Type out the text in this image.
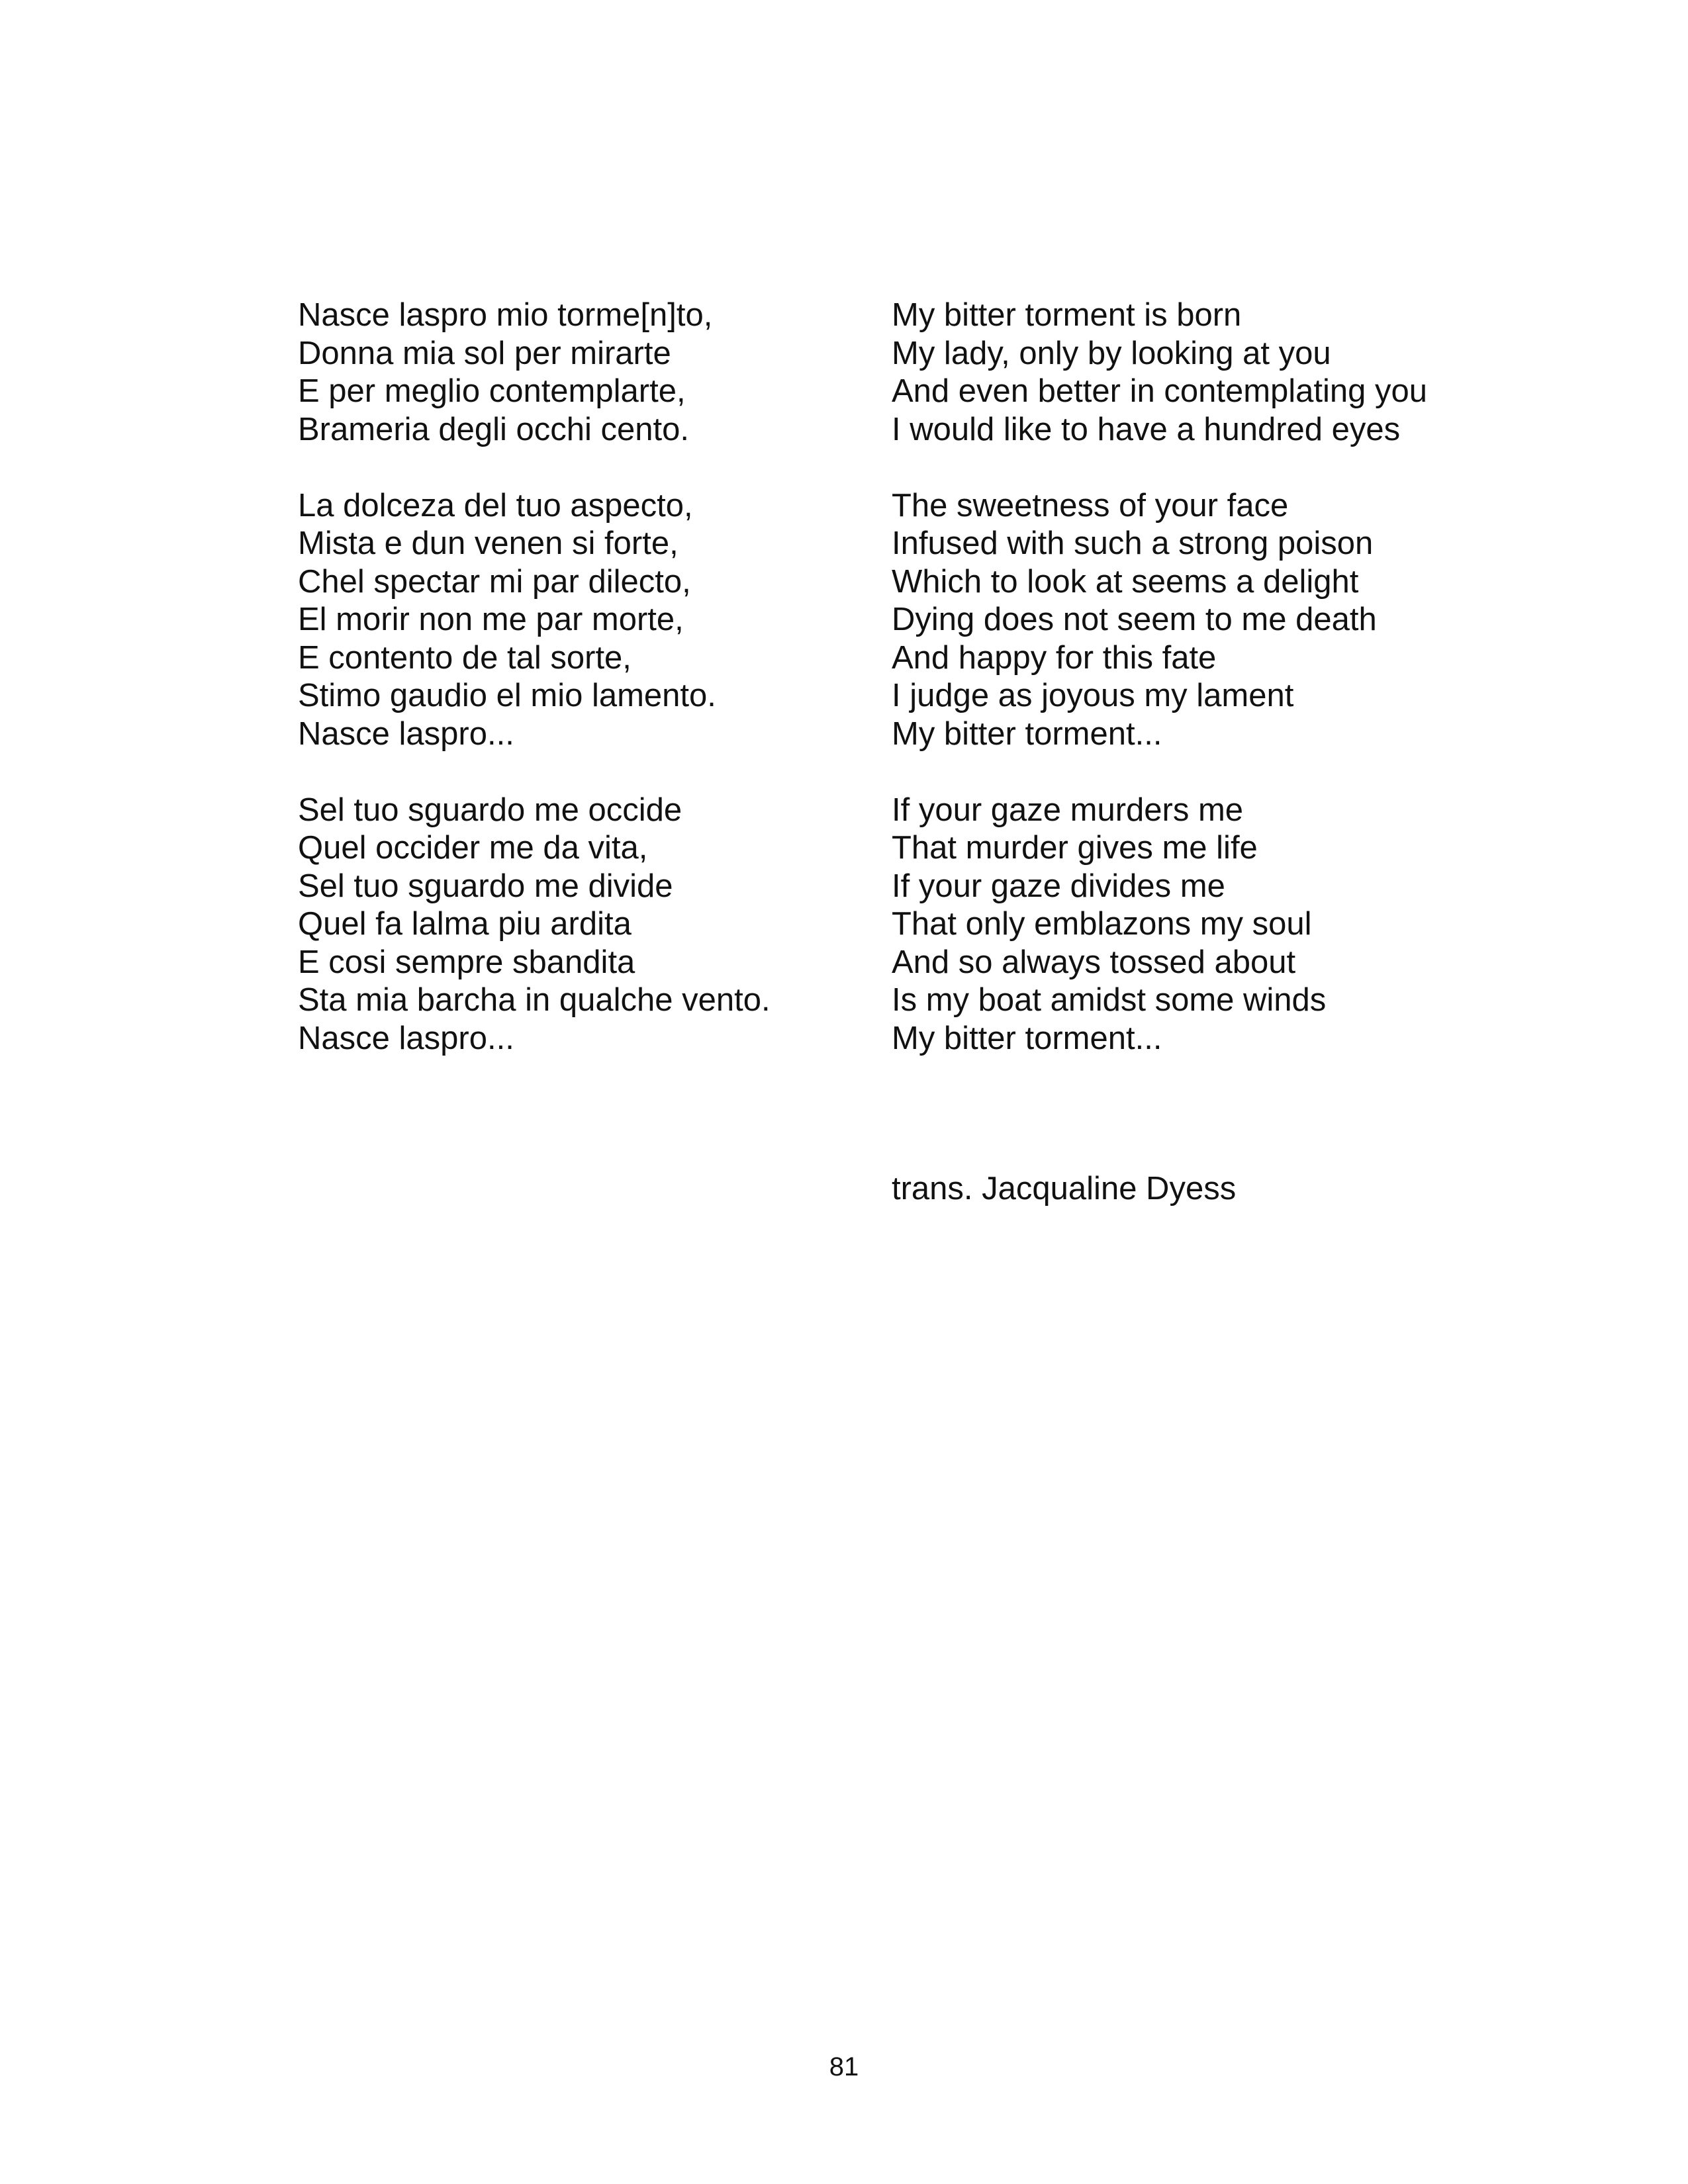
Nasce laspro mio torme[n]to,
Donna mia sol per mirarte
E per meglio contemplarte,
Brameria degli occhi cento.
La dolceza del tuo aspecto,
Mista e dun venen si forte,
Chel spectar mi par dilecto,
El morir non me par morte,
E contento de tal sorte,
Stimo gaudio el mio lamento.
Nasce laspro...
Sel tuo sguardo me occide
Quel occider me da vita,
Sel tuo sguardo me divide
Quel fa lalma piu ardita
E cosi sempre sbandita
Sta mia barcha in qualche vento.
Nasce laspro...
My bitter torment is born
My lady, only by looking at you
And even better in contemplating you
I would like to have a hundred eyes
The sweetness of your face
Infused with such a strong poison
Which to look at seems a delight
Dying does not seem to me death
And happy for this fate
I judge as joyous my lament
My bitter torment...
If your gaze murders me
That murder gives me life
If your gaze divides me
That only emblazons my soul
And so always tossed about
Is my boat amidst some winds
My bitter torment...
trans. Jacqualine Dyess
81
